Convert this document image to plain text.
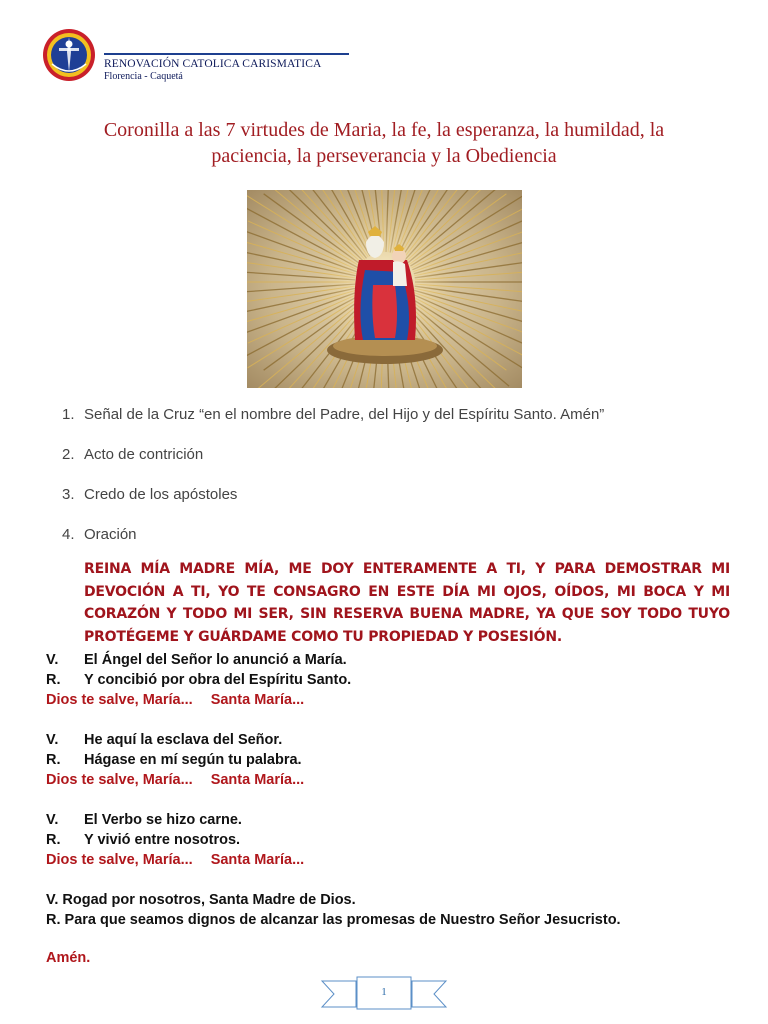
RENOVACIÓN CATOLICA CARISMATICA
Florencia - Caquetá
Coronilla a las 7 virtudes de Maria, la fe, la esperanza, la humildad, la
paciencia, la perseverancia y la Obediencia
1. Señal de la Cruz “en el nombre del Padre, del Hijo y del Espíritu Santo. Amén”
2. Acto de contrición
3. Credo de los apóstoles
4. Oración
REINA MÍA MADRE MÍA, ME DOY ENTERAMENTE A TI, Y PARA DEMOSTRAR MI DEVOCIÓN A TI, YO TE CONSAGRO EN ESTE DÍA MI OJOS, OÍDOS, MI BOCA Y MI CORAZÓN Y TODO MI SER, SIN RESERVA BUENA MADRE, YA QUE SOY TODO TUYO PROTÉGEME Y GUÁRDAME COMO TU PROPIEDAD Y POSESIÓN.
V. El Ángel del Señor lo anunció a María.
R. Y concibió por obra del Espíritu Santo.
Dios te salve, María... Santa María...
V. He aquí la esclava del Señor.
R. Hágase en mí según tu palabra.
Dios te salve, María... Santa María...
V. El Verbo se hizo carne.
R. Y vivió entre nosotros.
Dios te salve, María... Santa María...
V. Rogad por nosotros, Santa Madre de Dios.
R. Para que seamos dignos de alcanzar las promesas de Nuestro Señor Jesucristo.
Amén.
1
